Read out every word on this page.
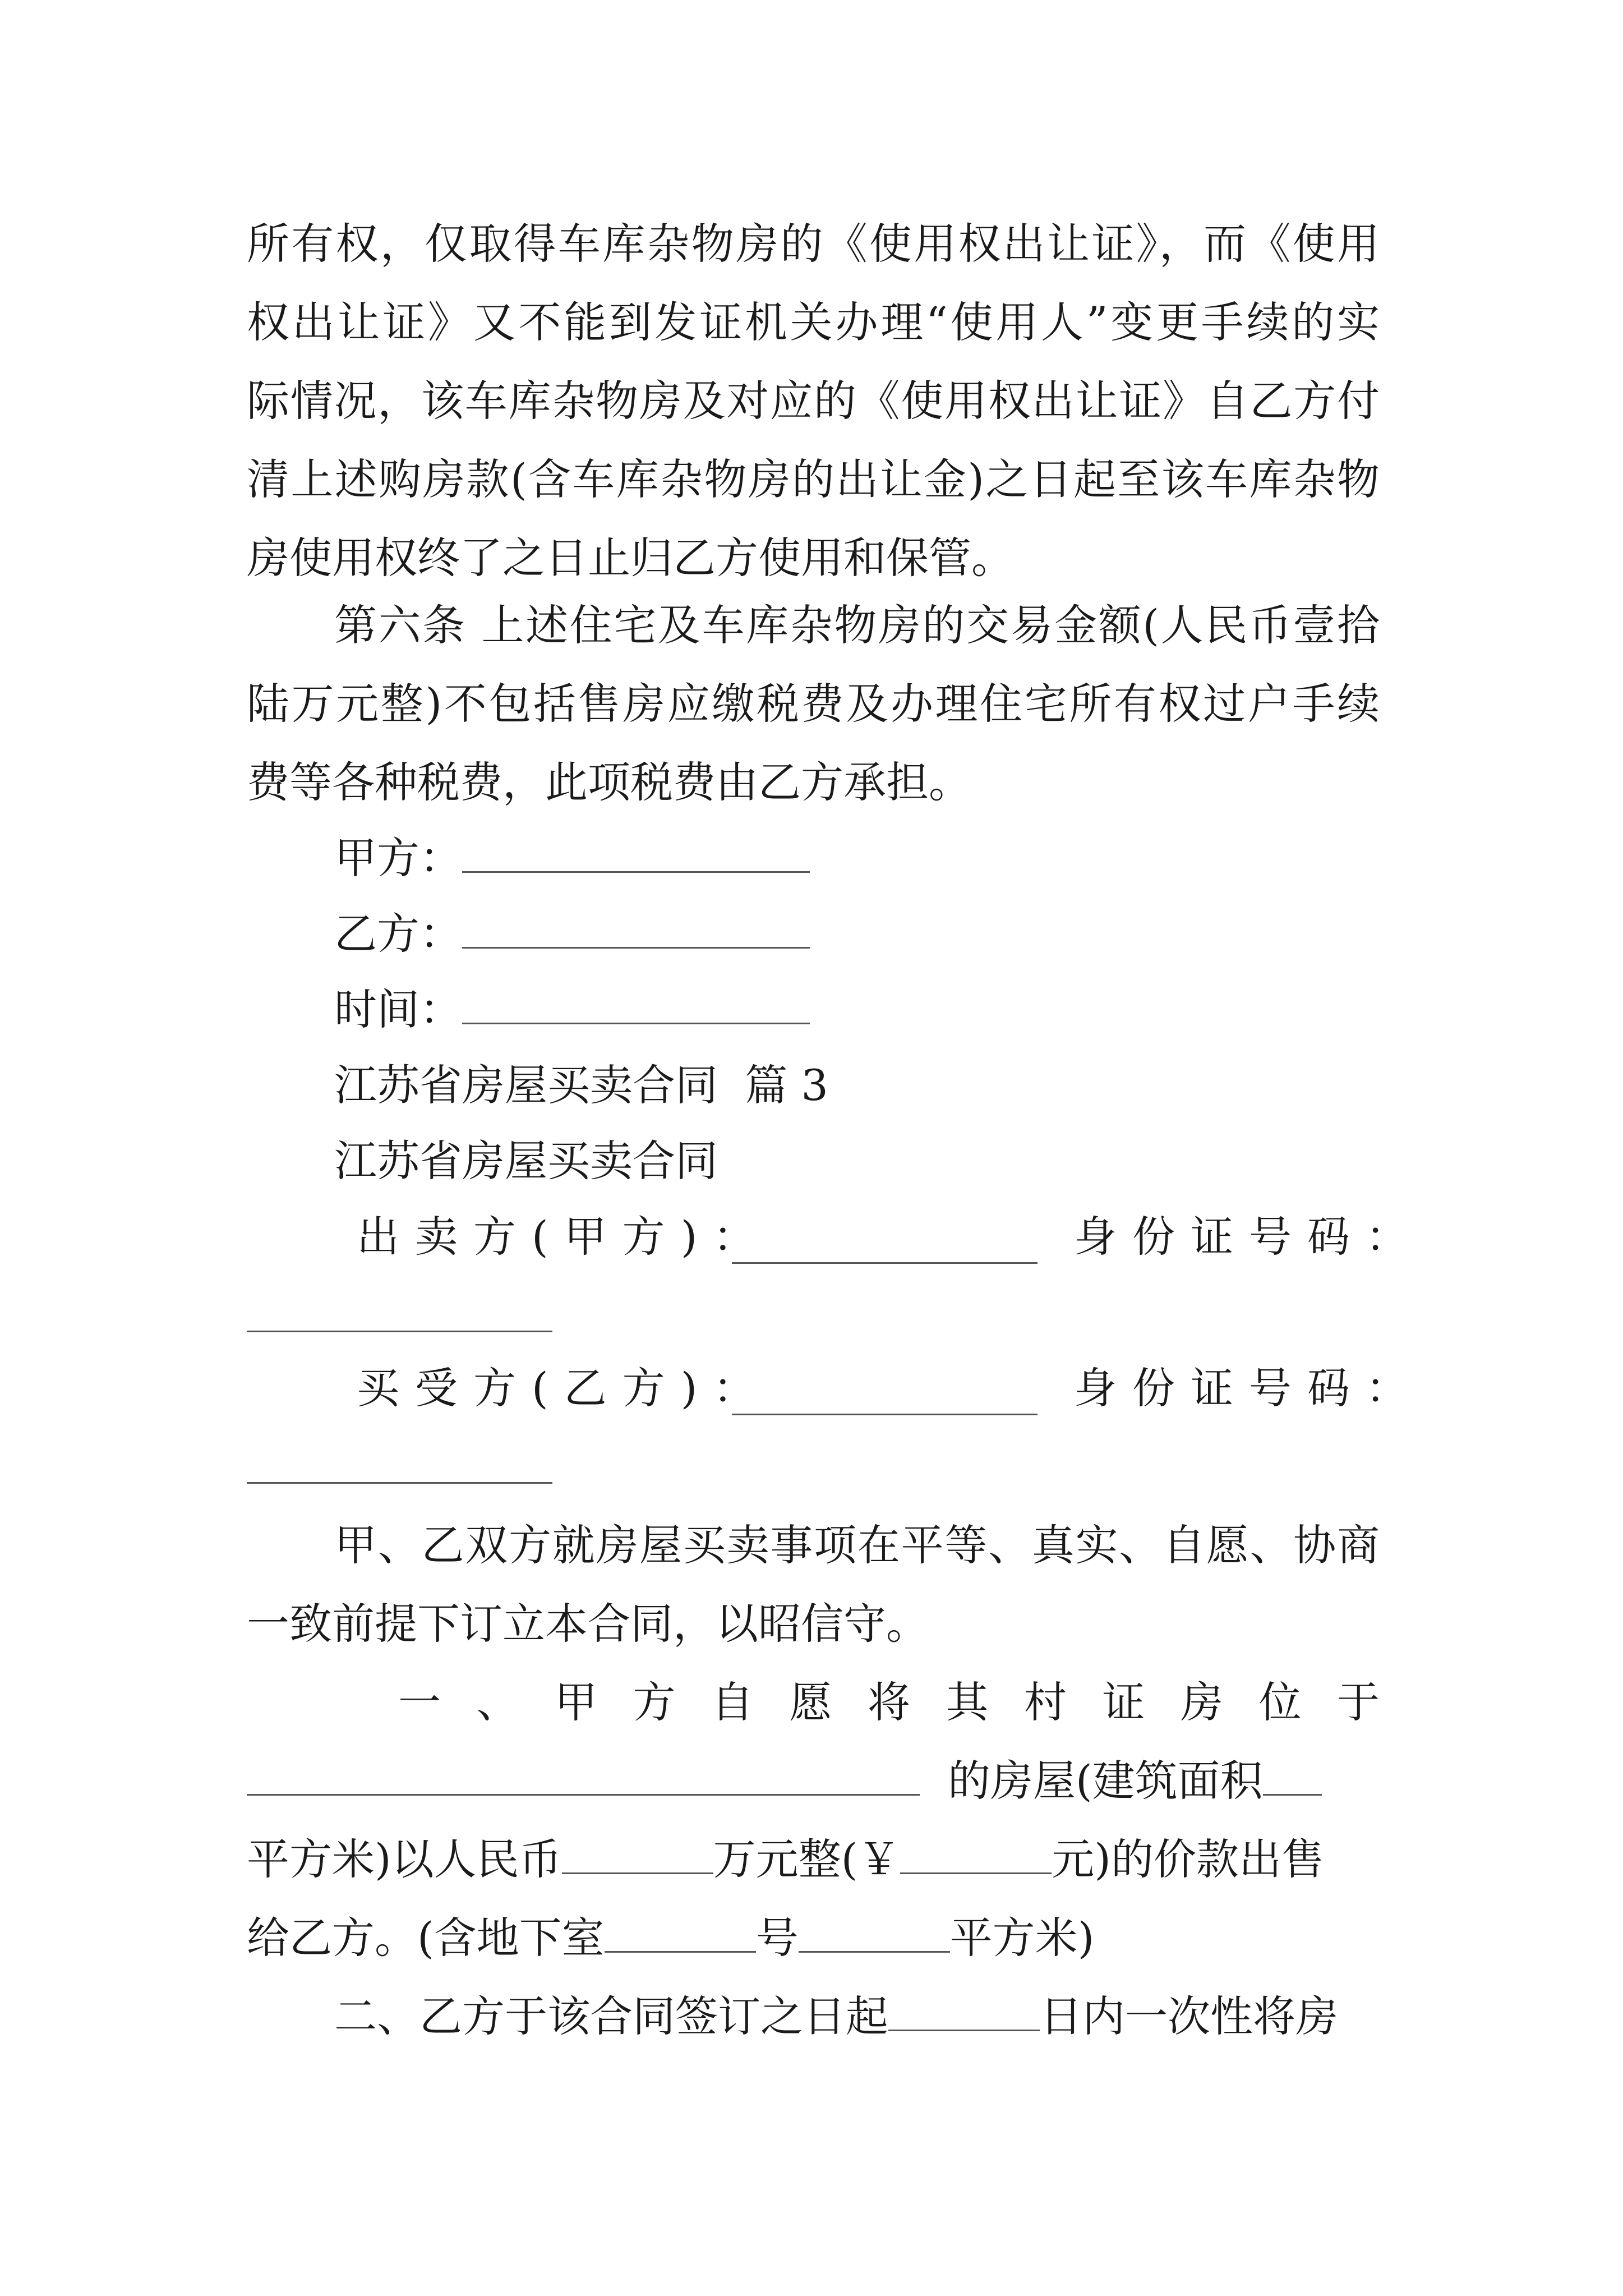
所有权，仅取得车库杂物房的《使用权出让证》，而《使用
权出让证》又不能到发证机关办理“使用人”变更手续的实
际情况，该车库杂物房及对应的《使用权出让证》自乙方付
清上述购房款(含车库杂物房的出让金)之日起至该车库杂物
房使用权终了之日止归乙方使用和保管。
第六条 上述住宅及车库杂物房的交易金额(人民币壹拾
陆万元整)不包括售房应缴税费及办理住宅所有权过户手续
费等各种税费，此项税费由乙方承担。
甲方：
乙方：
时间：
江苏省房屋买卖合同  篇 3
江苏省房屋买卖合同
出卖方(甲方)：	身份证号码：
买受方(乙方)：	身份证号码：
甲、乙双方就房屋买卖事项在平等、真实、自愿、协商
一致前提下订立本合同，以昭信守。
一、甲方自愿将其村证房位于
的房屋(建筑面积
平方米)以人民币	万元整(￥	元)的价款出售
给乙方。(含地下室	号	平方米)
二、乙方于该合同签订之日起	日内一次性将房
